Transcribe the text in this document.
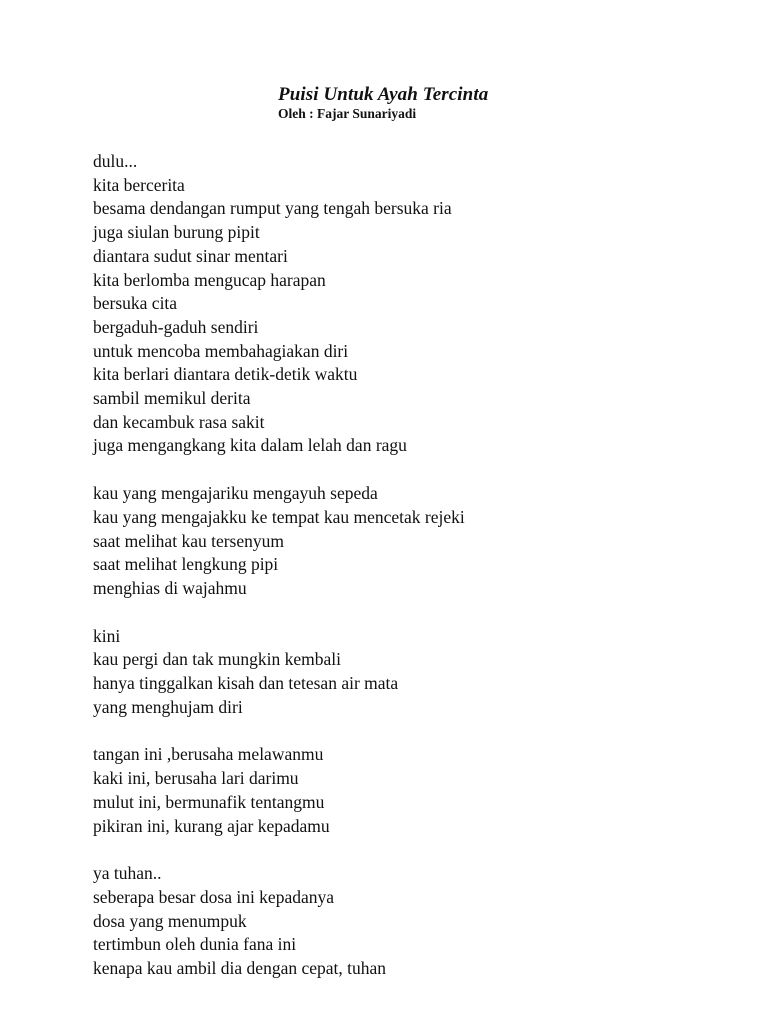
Puisi Untuk Ayah Tercinta

Oleh : Fajar Sunariyadi

dulu...
kita bercerita
besama dendangan rumput yang tengah bersuka ria
juga siulan burung pipit
diantara sudut sinar mentari
kita berlomba mengucap harapan
bersuka cita
bergaduh-gaduh sendiri
untuk mencoba membahagiakan diri
kita berlari diantara detik-detik waktu
sambil memikul derita
dan kecambuk rasa sakit
juga mengangkang kita dalam lelah dan ragu
kau yang mengajariku mengayuh sepeda
kau yang mengajakku ke tempat kau mencetak rejeki
saat melihat kau tersenyum
saat melihat lengkung pipi
menghias di wajahmu
kini
kau pergi dan tak mungkin kembali
hanya tinggalkan kisah dan tetesan air mata
yang menghujam diri
tangan ini ,berusaha melawanmu
kaki ini, berusaha lari darimu
mulut ini, bermunafik tentangmu
pikiran ini, kurang ajar kepadamu
ya tuhan..
seberapa besar dosa ini kepadanya
dosa yang menumpuk
tertimbun oleh dunia fana ini
kenapa kau ambil dia dengan cepat, tuhan
